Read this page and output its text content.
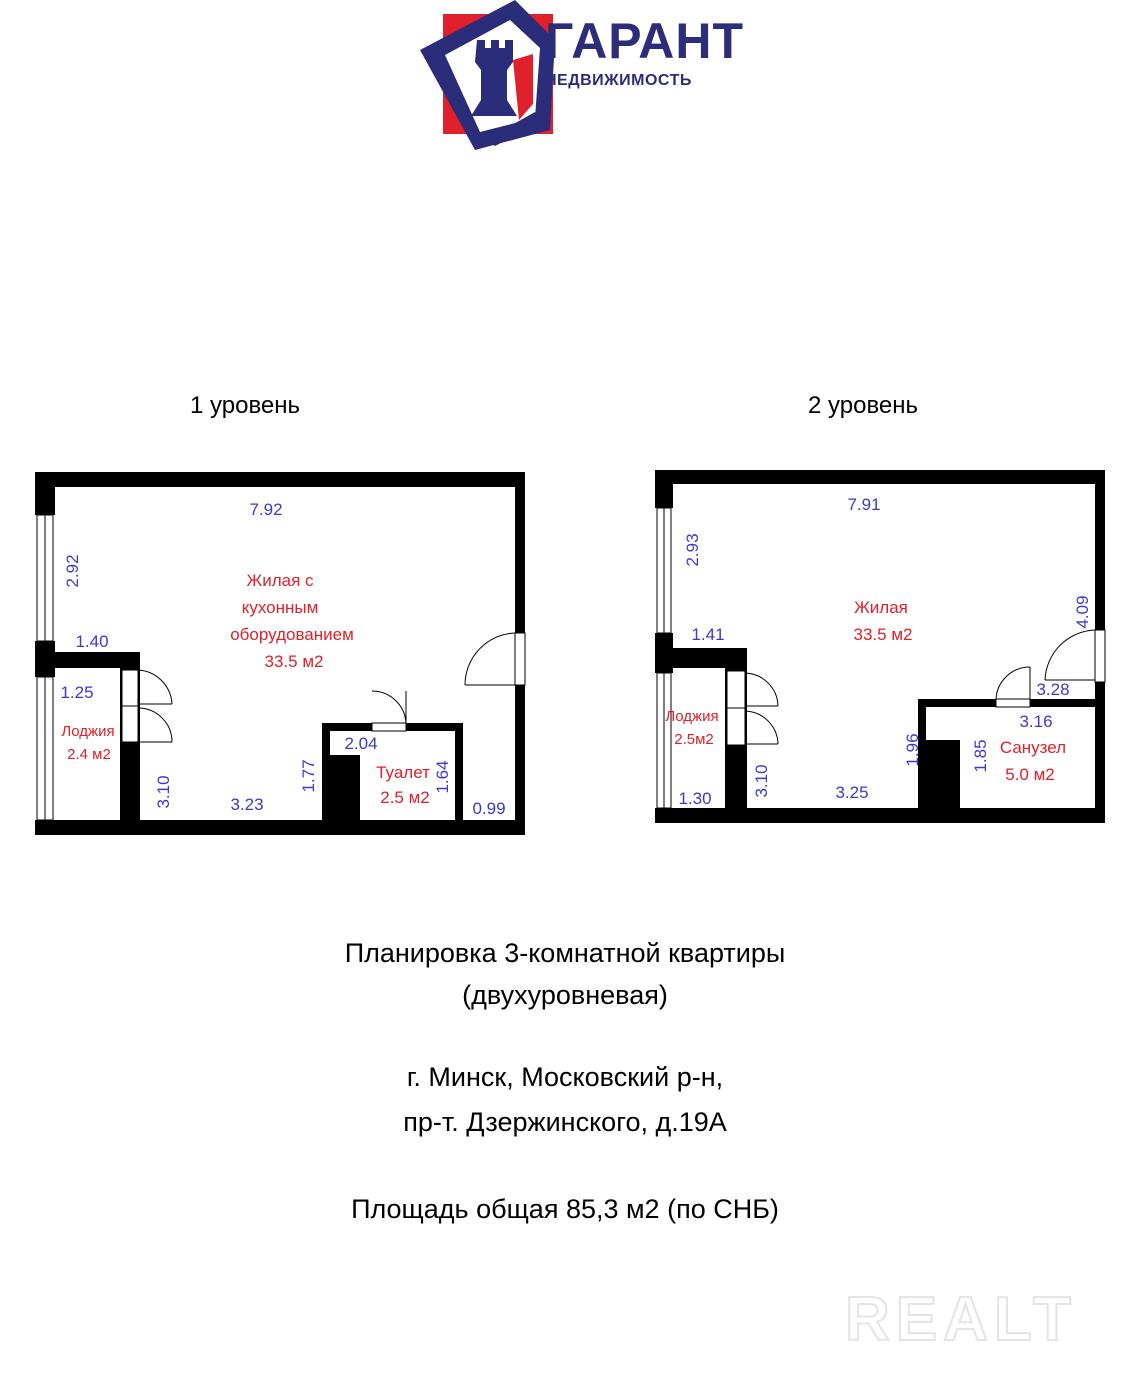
ГАРАНТ
НЕДВИЖИМОСТЬ
1 уровень	2 уровень
Жилая с
кухонным
оборудованием
33.5 м2
Туалет
2.5 м2
Лоджия
2.4 м2
7.92
2.92
1.40
1.25
3.10	3.23
1.77
2.04
1.64
0.99
Жилая
33.5 м2
Санузел
5.0 м2
Лоджия
2.5м2
7.91
2.93
1.41
4.09
3.28
3.16
1.96	1.85
3.10	3.25
1.30
Планировка 3-комнатной квартиры
(двухуровневая)
г. Минск, Московский р-н,
пр-т. Дзержинского, д.19А
Площадь общая 85,3 м2 (по СНБ)
REALT
